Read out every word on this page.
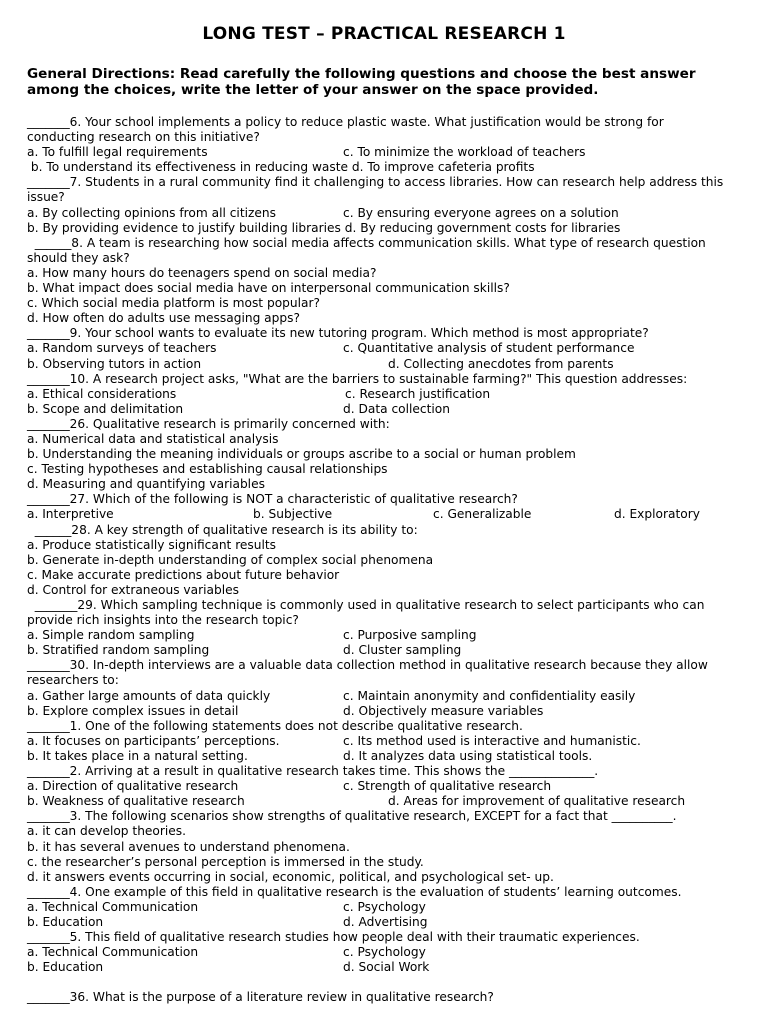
LONG TEST – PRACTICAL RESEARCH 1
General Directions: Read carefully the following questions and choose the best answer among the choices, write the letter of your answer on the space provided.
_______6. Your school implements a policy to reduce plastic waste. What justification would be strong for
conducting research on this initiative?
a. To fulfill legal requirements	c. To minimize the workload of teachers
b. To understand its effectiveness in reducing waste d. To improve cafeteria profits
_______7. Students in a rural community find it challenging to access libraries. How can research help address this
issue?
a. By collecting opinions from all citizens	c. By ensuring everyone agrees on a solution
b. By providing evidence to justify building libraries d. By reducing government costs for libraries
______8. A team is researching how social media affects communication skills. What type of research question
should they ask?
a. How many hours do teenagers spend on social media?
b. What impact does social media have on interpersonal communication skills?
c. Which social media platform is most popular?
d. How often do adults use messaging apps?
_______9. Your school wants to evaluate its new tutoring program. Which method is most appropriate?
a. Random surveys of teachers	c. Quantitative analysis of student performance
b. Observing tutors in action	d. Collecting anecdotes from parents
_______10. A research project asks, "What are the barriers to sustainable farming?" This question addresses:
a. Ethical considerations	c. Research justification
b. Scope and delimitation	d. Data collection
_______26. Qualitative research is primarily concerned with:
a. Numerical data and statistical analysis
b. Understanding the meaning individuals or groups ascribe to a social or human problem
c. Testing hypotheses and establishing causal relationships
d. Measuring and quantifying variables
_______27. Which of the following is NOT a characteristic of qualitative research?
a. Interpretive	b. Subjective	c. Generalizable	d. Exploratory
______28. A key strength of qualitative research is its ability to:
a. Produce statistically significant results
b. Generate in-depth understanding of complex social phenomena
c. Make accurate predictions about future behavior
d. Control for extraneous variables
_______29. Which sampling technique is commonly used in qualitative research to select participants who can
provide rich insights into the research topic?
a. Simple random sampling	c. Purposive sampling
b. Stratified random sampling	d. Cluster sampling
_______30. In-depth interviews are a valuable data collection method in qualitative research because they allow
researchers to:
a. Gather large amounts of data quickly	c. Maintain anonymity and confidentiality easily
b. Explore complex issues in detail	d. Objectively measure variables
_______1. One of the following statements does not describe qualitative research.
a. It focuses on participants’ perceptions.	c. Its method used is interactive and humanistic.
b. It takes place in a natural setting.	d. It analyzes data using statistical tools.
_______2. Arriving at a result in qualitative research takes time. This shows the ______________.
a. Direction of qualitative research	c. Strength of qualitative research
b. Weakness of qualitative research	d. Areas for improvement of qualitative research
_______3. The following scenarios show strengths of qualitative research, EXCEPT for a fact that __________.
a. it can develop theories.
b. it has several avenues to understand phenomena.
c. the researcher’s personal perception is immersed in the study.
d. it answers events occurring in social, economic, political, and psychological set- up.
_______4. One example of this field in qualitative research is the evaluation of students’ learning outcomes.
a. Technical Communication	c. Psychology
b. Education	d. Advertising
_______5. This field of qualitative research studies how people deal with their traumatic experiences.
a. Technical Communication	c. Psychology
b. Education	d. Social Work
_______36. What is the purpose of a literature review in qualitative research?
